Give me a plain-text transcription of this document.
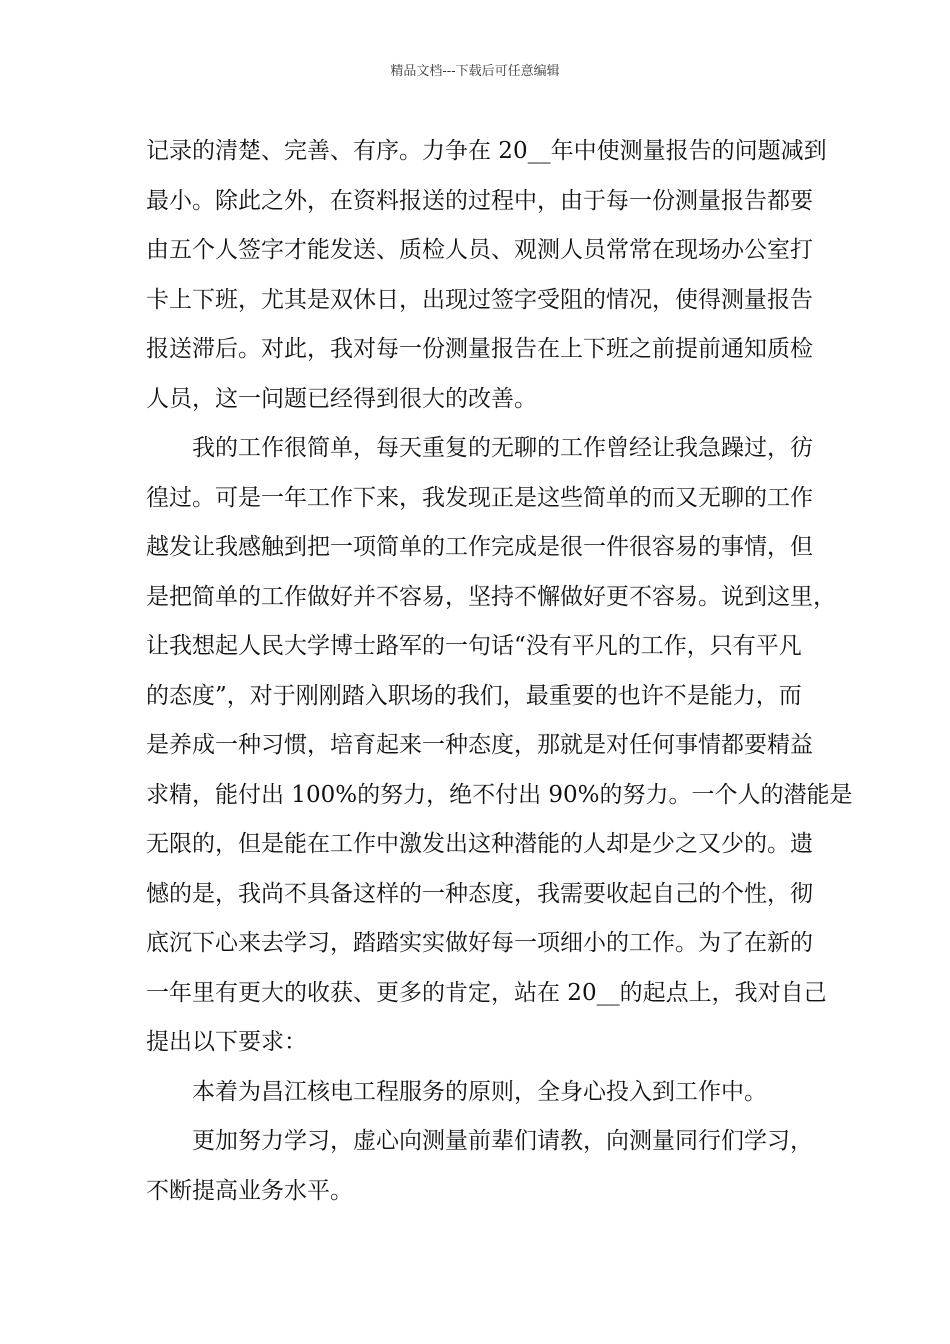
精品文档---下载后可任意编辑
记录的清楚、完善、有序。力争在 20__年中使测量报告的问题减到
最小。除此之外，在资料报送的过程中，由于每一份测量报告都要
由五个人签字才能发送、质检人员、观测人员常常在现场办公室打
卡上下班，尤其是双休日，出现过签字受阻的情况，使得测量报告
报送滞后。对此，我对每一份测量报告在上下班之前提前通知质检
人员，这一问题已经得到很大的改善。
我的工作很简单，每天重复的无聊的工作曾经让我急躁过，彷
徨过。可是一年工作下来，我发现正是这些简单的而又无聊的工作
越发让我感触到把一项简单的工作完成是很一件很容易的事情，但
是把简单的工作做好并不容易，坚持不懈做好更不容易。说到这里，
让我想起人民大学博士路军的一句话“没有平凡的工作，只有平凡
的态度”，对于刚刚踏入职场的我们，最重要的也许不是能力，而
是养成一种习惯，培育起来一种态度，那就是对任何事情都要精益
求精，能付出 100%的努力，绝不付出 90%的努力。一个人的潜能是
无限的，但是能在工作中激发出这种潜能的人却是少之又少的。遗
憾的是，我尚不具备这样的一种态度，我需要收起自己的个性，彻
底沉下心来去学习，踏踏实实做好每一项细小的工作。为了在新的
一年里有更大的收获、更多的肯定，站在 20__的起点上，我对自己
提出以下要求：
本着为昌江核电工程服务的原则，全身心投入到工作中。
更加努力学习，虚心向测量前辈们请教，向测量同行们学习，
不断提高业务水平。
